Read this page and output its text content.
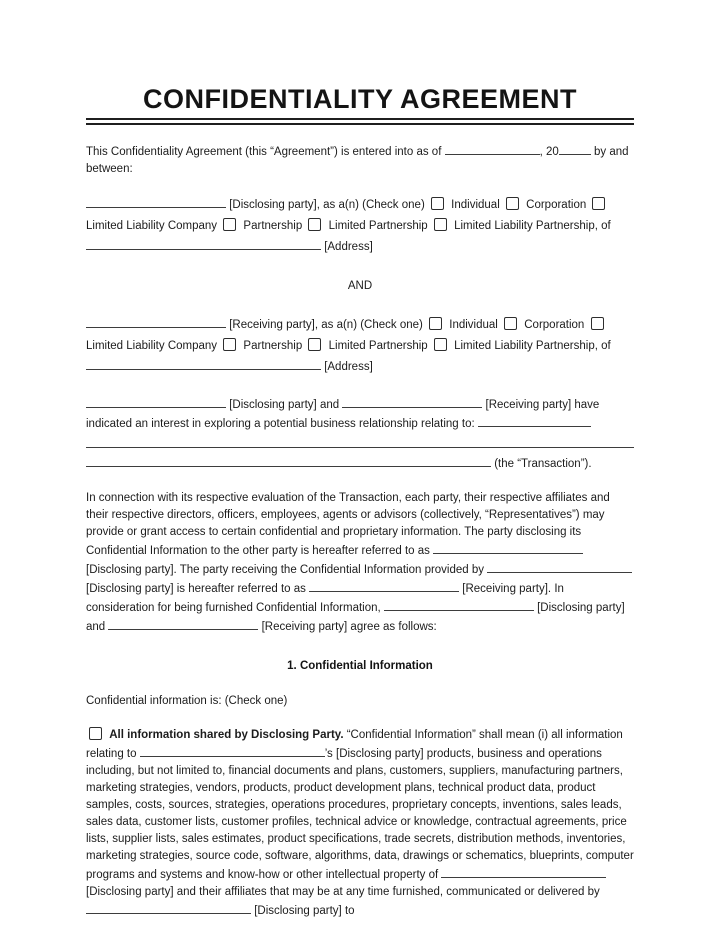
CONFIDENTIALITY AGREEMENT

This Confidentiality Agreement (this “Agreement”) is entered into as of	, 20	by and between:

[Disclosing party], as a(n) (Check one)  Individual  Corporation  Limited Liability Company  Partnership  Limited Partnership  Limited Liability Partnership, of  [Address]

AND

[Receiving party], as a(n) (Check one)  Individual  Corporation  Limited Liability Company  Partnership  Limited Partnership  Limited Liability Partnership, of  [Address]

[Disclosing party] and	[Receiving party] have indicated an interest in exploring a potential business relationship relating to:  (the “Transaction”).

In connection with its respective evaluation of the Transaction, each party, their respective affiliates and their respective directors, officers, employees, agents or advisors (collectively, “Representatives”) may provide or grant access to certain confidential and proprietary information. The party disclosing its Confidential Information to the other party is hereafter referred to as  [Disclosing party]. The party receiving the Confidential Information provided by  [Disclosing party] is hereafter referred to as	[Receiving party]. In consideration for being furnished Confidential Information,	[Disclosing party] and	[Receiving party] agree as follows:

1. Confidential Information

Confidential information is: (Check one)

All information shared by Disclosing Party. “Confidential Information” shall mean (i) all information relating to	’s [Disclosing party] products, business and operations including, but not limited to, financial documents and plans, customers, suppliers, manufacturing partners, marketing strategies, vendors, products, product development plans, technical product data, product samples, costs, sources, strategies, operations procedures, proprietary concepts, inventions, sales leads, sales data, customer lists, customer profiles, technical advice or knowledge, contractual agreements, price lists, supplier lists, sales estimates, product specifications, trade secrets, distribution methods, inventories, marketing strategies, source code, software, algorithms, data, drawings or schematics, blueprints, computer programs and systems and know-how or other intellectual property of  [Disclosing party] and their affiliates that may be at any time furnished, communicated or delivered by  [Disclosing party] to
